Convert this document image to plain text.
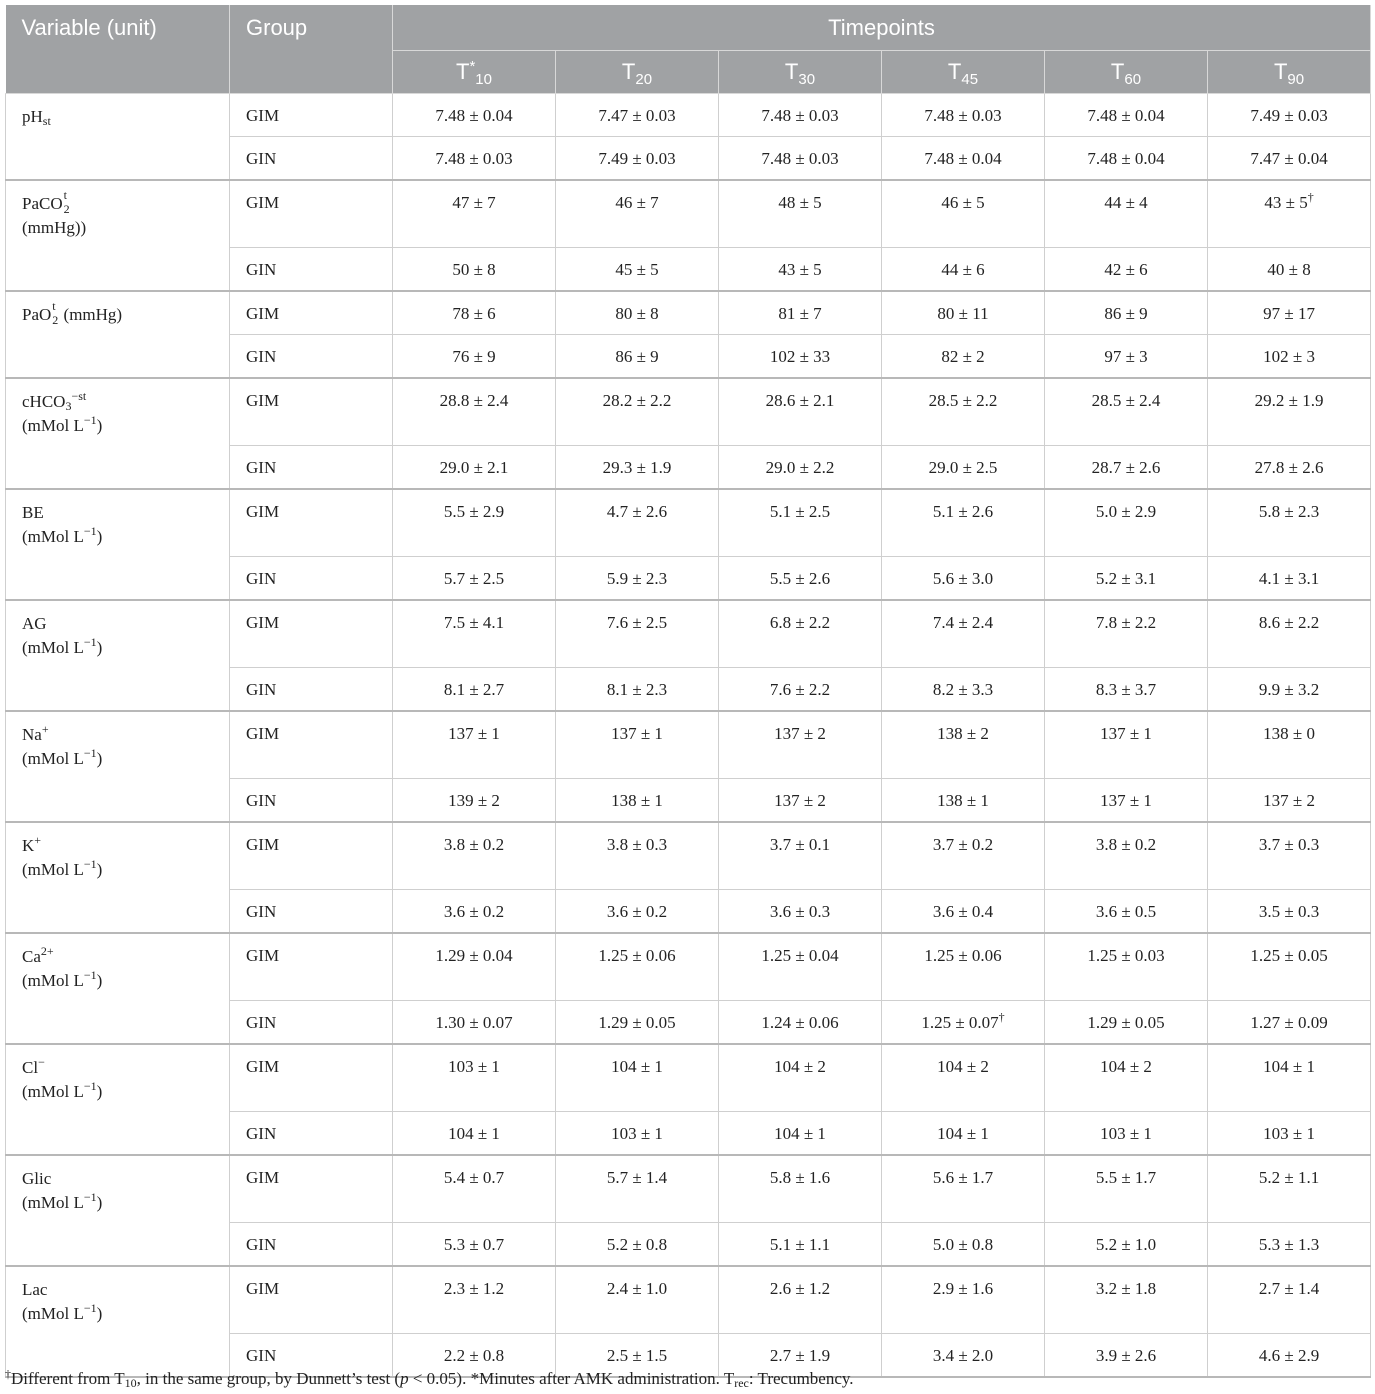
Variable (unit)	Group	Timepoints					
		$T^*_{10}$	$T_{20}$	$T_{30}$	$T_{45}$	$T_{60}$	$T_{90}$
$pH_{st}$	GIM	7.48 ± 0.04	7.47 ± 0.03	7.48 ± 0.03	7.48 ± 0.03	7.48 ± 0.04	7.49 ± 0.03

	GIN	7.48 ± 0.03	7.49 ± 0.03	7.48 ± 0.03	7.48 ± 0.04	7.48 ± 0.04	7.47 ± 0.04

PaCO t
2

(mmHg))	GIM	47 ± 7	46 ± 7	48 ± 5	46 ± 5	44 ± 4	43 ± 5†

	GIN	50 ± 8	45 ± 5	43 ± 5	44 ± 6	42 ± 6	40 ± 8

PaO t
2 (mmHg)	GIM	78 ± 6	80 ± 8	81 ± 7	80 ± 11	86 ± 9	97 ± 17

	GIN	76 ± 9	86 ± 9	102 ± 33	82 ± 2	97 ± 3	102 ± 3

cHCO$_3^{-st}$
(mMol $L^{-1}$)	GIM	28.8 ± 2.4	28.2 ± 2.2	28.6 ± 2.1	28.5 ± 2.2	28.5 ± 2.4	29.2 ± 1.9

	GIN	29.0 ± 2.1	29.3 ± 1.9	29.0 ± 2.2	29.0 ± 2.5	28.7 ± 2.6	27.8 ± 2.6

BE
(mMol $L^{-1}$)	GIM	5.5 ± 2.9	4.7 ± 2.6	5.1 ± 2.5	5.1 ± 2.6	5.0 ± 2.9	5.8 ± 2.3

	GIN	5.7 ± 2.5	5.9 ± 2.3	5.5 ± 2.6	5.6 ± 3.0	5.2 ± 3.1	4.1 ± 3.1

AG
(mMol $L^{-1}$)	GIM	7.5 ± 4.1	7.6 ± 2.5	6.8 ± 2.2	7.4 ± 2.4	7.8 ± 2.2	8.6 ± 2.2

	GIN	8.1 ± 2.7	8.1 ± 2.3	7.6 ± 2.2	8.2 ± 3.3	8.3 ± 3.7	9.9 ± 3.2

Na+
(mMol $L^{-1}$)	GIM	137 ± 1	137 ± 1	137 ± 2	138 ± 2	137 ± 1	138 ± 0

	GIN	139 ± 2	138 ± 1	137 ± 2	138 ± 1	137 ± 1	137 ± 2

K+
(mMol $L^{-1}$)	GIM	3.8 ± 0.2	3.8 ± 0.3	3.7 ± 0.1	3.7 ± 0.2	3.8 ± 0.2	3.7 ± 0.3

	GIN	3.6 ± 0.2	3.6 ± 0.2	3.6 ± 0.3	3.6 ± 0.4	3.6 ± 0.5	3.5 ± 0.3

$Ca^{2+}$
(mMol $L^{-1}$)	GIM	1.29 ± 0.04	1.25 ± 0.06	1.25 ± 0.04	1.25 ± 0.06	1.25 ± 0.03	1.25 ± 0.05

	GIN	1.30 ± 0.07	1.29 ± 0.05	1.24 ± 0.06	1.25 ± 0.07†	1.29 ± 0.05	1.27 ± 0.09

Cl−
(mMol $L^{-1}$)	GIM	103 ± 1	104 ± 1	104 ± 2	104 ± 2	104 ± 2	104 ± 1

	GIN	104 ± 1	103 ± 1	104 ± 1	104 ± 1	103 ± 1	103 ± 1

Glic
(mMol $L^{-1}$)	GIM	5.4 ± 0.7	5.7 ± 1.4	5.8 ± 1.6	5.6 ± 1.7	5.5 ± 1.7	5.2 ± 1.1

	GIN	5.3 ± 0.7	5.2 ± 0.8	5.1 ± 1.1	5.0 ± 0.8	5.2 ± 1.0	5.3 ± 1.3

Lac
(mMol $L^{-1}$)	GIM	2.3 ± 1.2	2.4 ± 1.0	2.6 ± 1.2	2.9 ± 1.6	3.2 ± 1.8	2.7 ± 1.4

	GIN	2.2 ± 0.8	2.5 ± 1.5	2.7 ± 1.9	3.4 ± 2.0	3.9 ± 2.6	4.6 ± 2.9
†Different from $T_{10}$, in the same group, by Dunnett’s test (p < 0.05). *Minutes after AMK administration. $T_{rec}$: Trecumbency.
